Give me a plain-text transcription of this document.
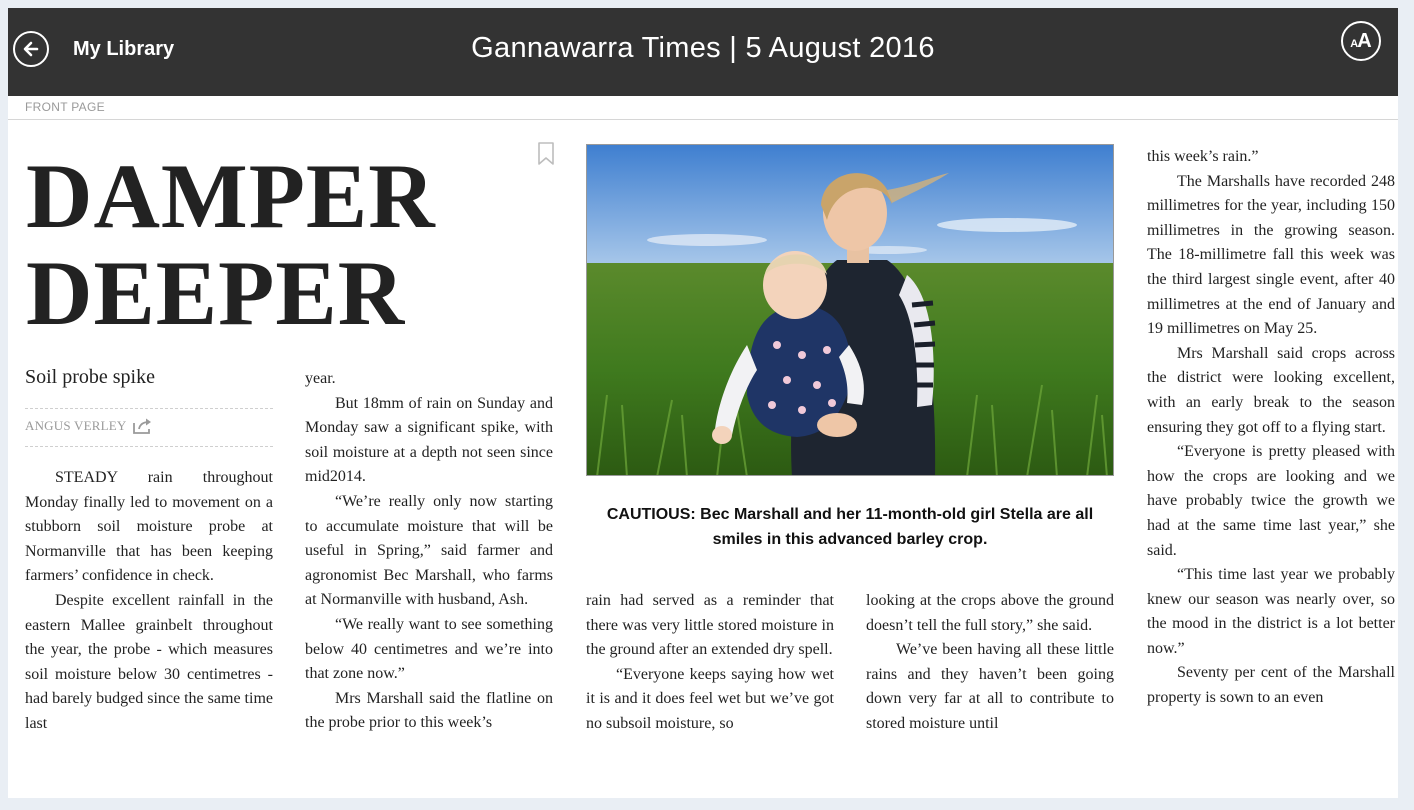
My Library	Gannawarra Times | 5 August 2016	A A
FRONT PAGE
DAMPER
DEEPER
Soil probe spike
ANGUS VERLEY

STEADY rain throughout Monday finally led to movement on a stubborn soil moisture probe at Normanville that has been keeping farmers’ confidence in check.

Despite excellent rainfall in the eastern Mallee grainbelt throughout the year, the probe - which measures soil moisture below 30 centimetres - had barely budged since the same time last

year.

But 18mm of rain on Sunday and Monday saw a significant spike, with soil moisture at a depth not seen since mid2014.

“We’re really only now starting to accumulate moisture that will be useful in Spring,” said farmer and agronomist Bec Marshall, who farms at Normanville with husband, Ash.

“We really want to see something below 40 centimetres and we’re into that zone now.”

Mrs Marshall said the flatline on the probe prior to this week’s

CAUTIOUS: Bec Marshall and her 11-month-old girl Stella are all smiles in this advanced barley crop.

rain had served as a reminder that there was very little stored moisture in the ground after an extended dry spell.

“Everyone keeps saying how wet it is and it does feel wet but we’ve got no subsoil moisture, so

looking at the crops above the ground doesn’t tell the full story,” she said.

We’ve been having all these little rains and they haven’t been going down very far at all to contribute to stored moisture until

this week’s rain.”

The Marshalls have recorded 248 millimetres for the year, including 150 millimetres in the growing season. The 18-millimetre fall this week was the third largest single event, after 40 millimetres at the end of January and 19 millimetres on May 25.

Mrs Marshall said crops across the district were looking excellent, with an early break to the season ensuring they got off to a flying start.

“Everyone is pretty pleased with how the crops are looking and we have probably twice the growth we had at the same time last year,” she said.

“This time last year we probably knew our season was nearly over, so the mood in the district is a lot better now.”

Seventy per cent of the Marshall property is sown to an even
